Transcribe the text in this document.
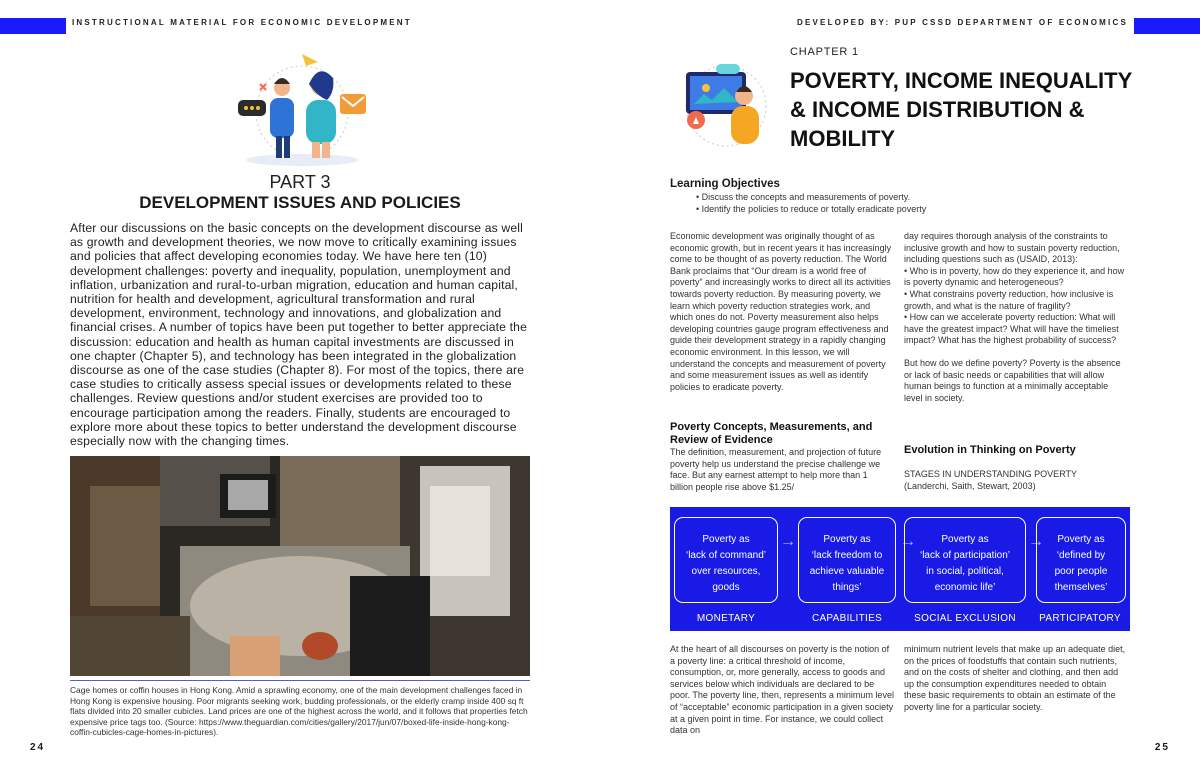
INSTRUCTIONAL MATERIAL FOR ECONOMIC DEVELOPMENT	DEVELOPED BY: PUP CSSD DEPARTMENT OF ECONOMICS
PART 3
DEVELOPMENT ISSUES AND POLICIES
After our discussions on the basic concepts on the development discourse as well as growth and development theories, we now move to critically examining issues and policies that affect developing economies today. We have here ten (10) development challenges: poverty and inequality, population, unemployment and inflation, urbanization and rural-to-urban migration, education and human capital, nutrition for health and development, agricultural transformation and rural development, environment, technology and innovations, and globalization and financial crises. A number of topics have been put together to better appreciate the discussion: education and health as human capital investments are discussed in one chapter (Chapter 5), and technology has been integrated in the globalization discourse as one of the case studies (Chapter 8). For most of the topics, there are case studies to critically assess special issues or developments related to these challenges. Review questions and/or student exercises are provided too to encourage participation among the readers. Finally, students are encouraged to explore more about these topics to better understand the development discourse especially now with the changing times.
Cage homes or coffin houses in Hong Kong. Amid a sprawling economy, one of the main development challenges faced in Hong Kong is expensive housing. Poor migrants seeking work, budding professionals, or the elderly cramp inside 400 sq ft flats divided into 20 smaller cubicles. Land prices are one of the highest across the world, and it follows that properties fetch expensive price tags too. (Source: https://www.theguardian.com/cities/gallery/2017/jun/07/boxed-life-inside-hong-kong-coffin-cubicles-cage-homes-in-pictures).
24
CHAPTER 1
POVERTY, INCOME INEQUALITY & INCOME DISTRIBUTION & MOBILITY
Learning Objectives
• Discuss the concepts and measurements of poverty.
• Identify the policies to reduce or totally eradicate poverty

Economic development was originally thought of as economic growth, but in recent years it has increasingly come to be thought of as poverty reduction. The World Bank proclaims that “Our dream is a world free of poverty” and increasingly works to direct all its activities towards poverty reduction. By measuring poverty, we learn which poverty reduction strategies work, and which ones do not. Poverty measurement also helps developing countries gauge program effectiveness and guide their development strategy in a rapidly changing economic environment. In this lesson, we will understand the concepts and measurement of poverty and some measurement issues as well as identify policies to eradicate poverty.

day requires thorough analysis of the constraints to inclusive growth and how to sustain poverty reduction, including questions such as (USAID, 2013):

• Who is in poverty, how do they experience it, and how is poverty dynamic and heterogeneous?

• What constrains poverty reduction, how inclusive is growth, and what is the nature of fragility?

• How can we accelerate poverty reduction: What will have the greatest impact? What will have the timeliest impact? What has the highest probability of success?

But how do we define poverty? Poverty is the absence or lack of basic needs or capabilities that will allow human beings to function at a minimally acceptable level in society.

Poverty Concepts, Measurements, and Review of Evidence
The definition, measurement, and projection of future poverty help us understand the precise challenge we face. But any earnest attempt to help more than 1 billion people rise above $1.25/
Evolution in Thinking on Poverty

STAGES IN UNDERSTANDING POVERTY

(Landerchi, Saith, Stewart, 2003)

Poverty as
‘lack of command’
over resources,
goods
→	Poverty as
‘lack freedom to
achieve valuable
things’
→	Poverty as
‘lack of participation’
in social, political,
economic life’
→	Poverty as
‘defined by
poor people
themselves’
MONETARY	CAPABILITIES	SOCIAL EXCLUSION	PARTICIPATORY
At the heart of all discourses on poverty is the notion of a poverty line: a critical threshold of income, consumption, or, more generally, access to goods and services below which individuals are declared to be poor. The poverty line, then, represents a minimum level of “acceptable” economic participation in a given society at a given point in time. For instance, we could collect data on
minimum nutrient levels that make up an adequate diet, on the prices of foodstuffs that contain such nutrients, and on the costs of shelter and clothing, and then add up the consumption expenditures needed to obtain these basic requirements to obtain an estimate of the poverty line for a particular society.
25
